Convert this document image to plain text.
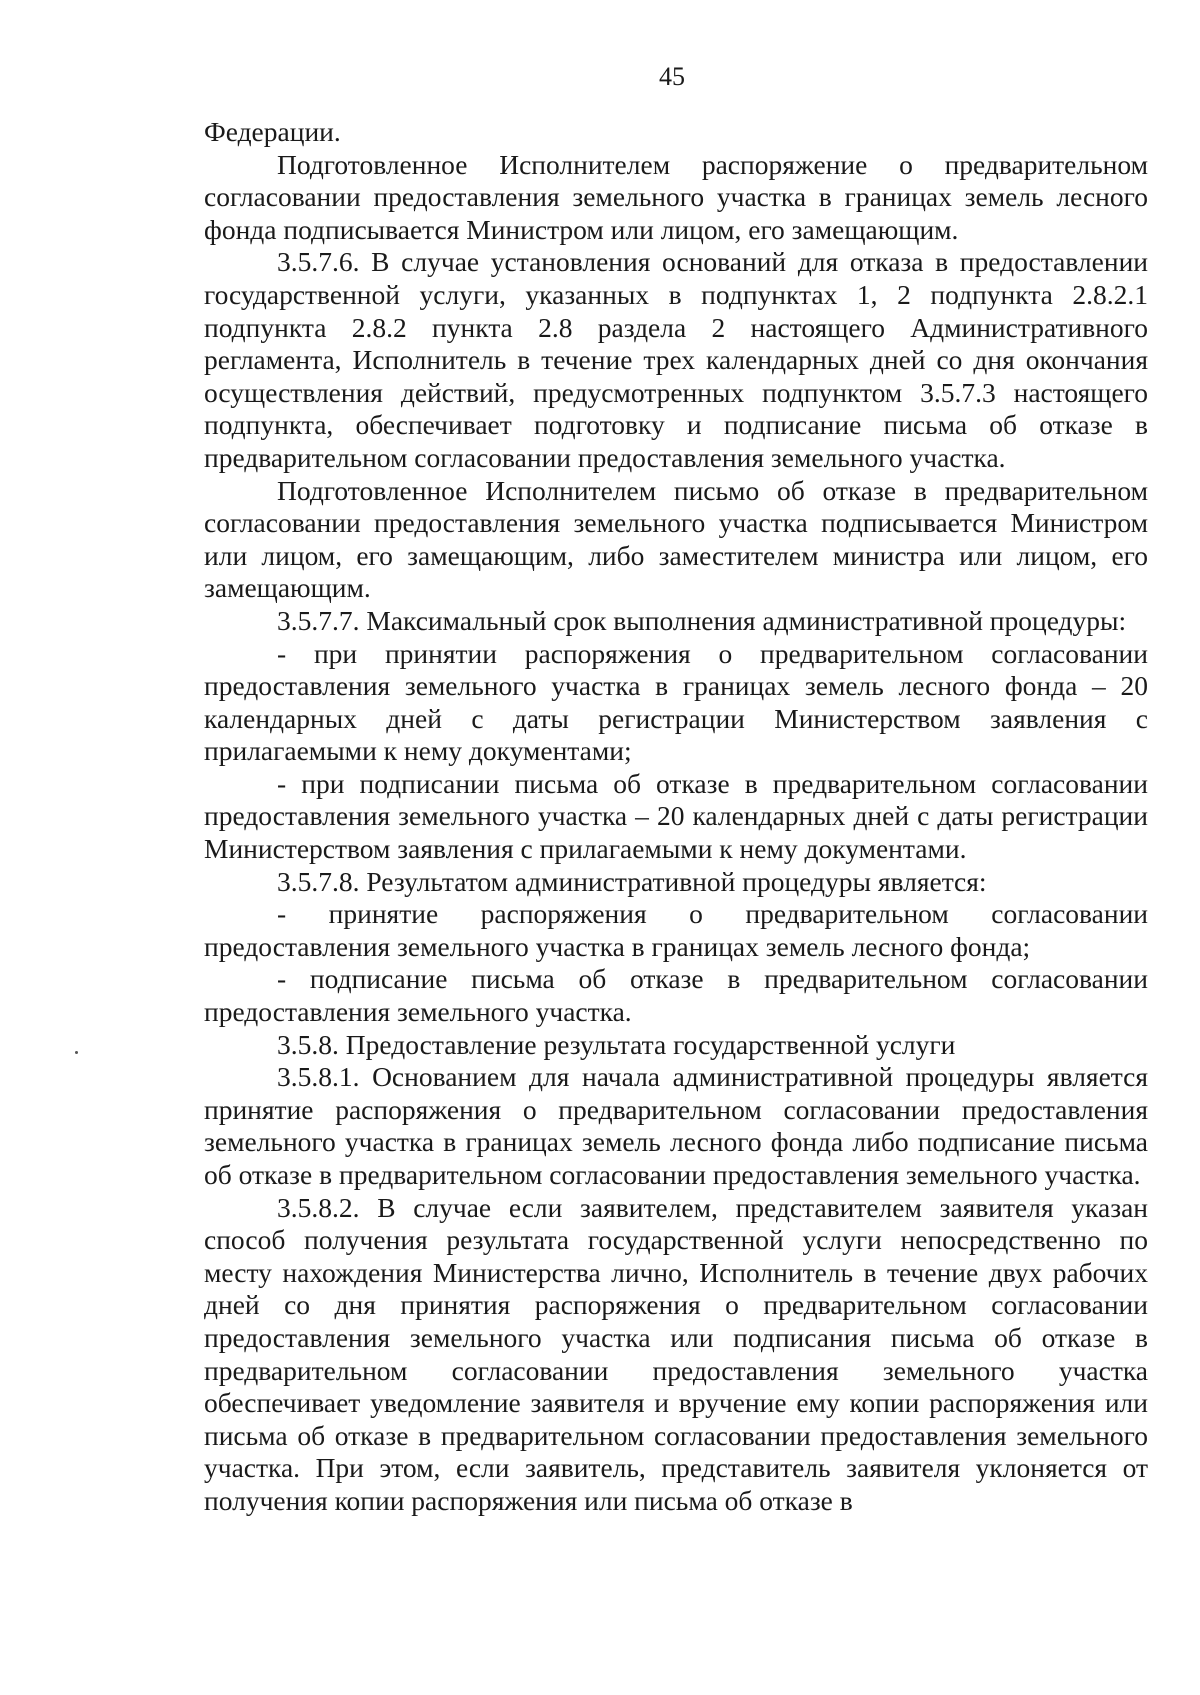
45

Федерации.

Подготовленное Исполнителем распоряжение о предварительном согласовании предоставления земельного участка в границах земель лесного фонда подписывается Министром или лицом, его замещающим.

3.5.7.6. В случае установления оснований для отказа в предоставлении государственной услуги, указанных в подпунктах 1, 2 подпункта 2.8.2.1 подпункта 2.8.2 пункта 2.8 раздела 2 настоящего Административного регламента, Исполнитель в течение трех календарных дней со дня окончания осуществления действий, предусмотренных подпунктом 3.5.7.3 настоящего подпункта, обеспечивает подготовку и подписание письма об отказе в предварительном согласовании предоставления земельного участка.

Подготовленное Исполнителем письмо об отказе в предварительном согласовании предоставления земельного участка подписывается Министром или лицом, его замещающим, либо заместителем министра или лицом, его замещающим.

3.5.7.7. Максимальный срок выполнения административной процедуры:

- при принятии распоряжения о предварительном согласовании предоставления земельного участка в границах земель лесного фонда – 20 календарных дней с даты регистрации Министерством заявления с прилагаемыми к нему документами;

- при подписании письма об отказе в предварительном согласовании предоставления земельного участка – 20 календарных дней с даты регистрации Министерством заявления с прилагаемыми к нему документами.

3.5.7.8. Результатом административной процедуры является:

- принятие распоряжения о предварительном согласовании предоставления земельного участка в границах земель лесного фонда;

- подписание письма об отказе в предварительном согласовании предоставления земельного участка.

3.5.8. Предоставление результата государственной услуги

3.5.8.1. Основанием для начала административной процедуры является принятие распоряжения о предварительном согласовании предоставления земельного участка в границах земель лесного фонда либо подписание письма об отказе в предварительном согласовании предоставления земельного участка.

3.5.8.2. В случае если заявителем, представителем заявителя указан способ получения результата государственной услуги непосредственно по месту нахождения Министерства лично, Исполнитель в течение двух рабочих дней со дня принятия распоряжения о предварительном согласовании предоставления земельного участка или подписания письма об отказе в предварительном согласовании предоставления земельного участка обеспечивает уведомление заявителя и вручение ему копии распоряжения или письма об отказе в предварительном согласовании предоставления земельного участка. При этом, если заявитель, представитель заявителя уклоняется от получения копии распоряжения или письма об отказе в
